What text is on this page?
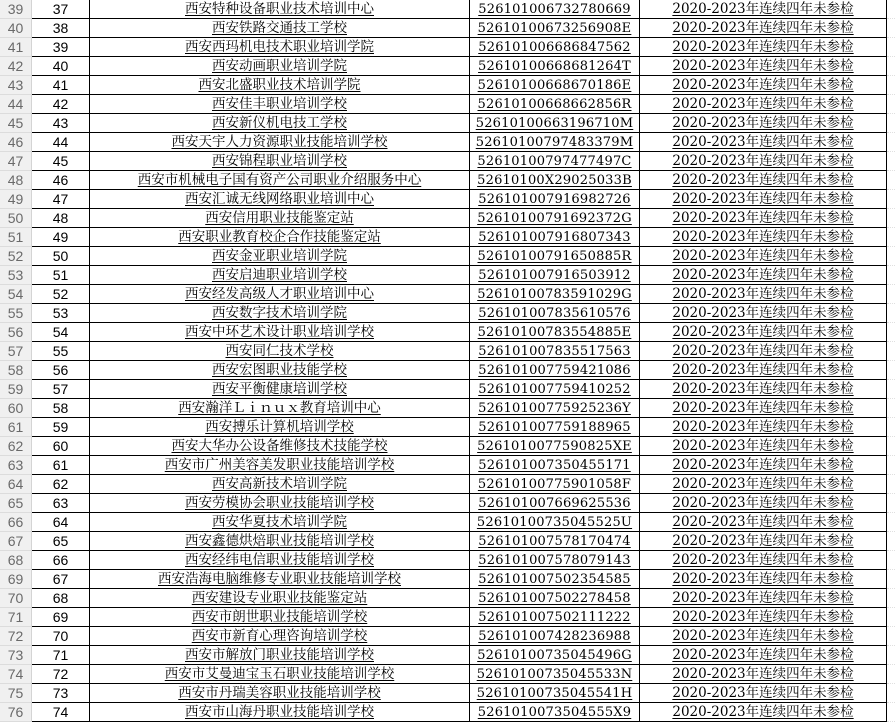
39	37	西安特种设备职业技术培训中心	526101006732780669	2020-2023年连续四年未参检
40	38	西安铁路交通技工学校	52610100673256908E	2020-2023年连续四年未参检
41	39	西安西玛机电技术职业培训学院	526101006686847562	2020-2023年连续四年未参检
42	40	西安动画职业培训学院	52610100668681264T	2020-2023年连续四年未参检
43	41	西安北盛职业技术培训学院	52610100668670186E	2020-2023年连续四年未参检
44	42	西安佳丰职业培训学校	52610100668662856R	2020-2023年连续四年未参检
45	43	西安新仪机电技工学校	52610100663196710M	2020-2023年连续四年未参检
46	44	西安天宇人力资源职业技能培训学校	52610100797483379M	2020-2023年连续四年未参检
47	45	西安锦程职业培训学校	52610100797477497C	2020-2023年连续四年未参检
48	46	西安市机械电子国有资产公司职业介绍服务中心	52610100X29025033B	2020-2023年连续四年未参检
49	47	西安汇诚无线网络职业培训中心	526101007916982726	2020-2023年连续四年未参检
50	48	西安信用职业技能鉴定站	52610100791692372G	2020-2023年连续四年未参检
51	49	西安职业教育校企合作技能鉴定站	526101007916807343	2020-2023年连续四年未参检
52	50	西安金亚职业培训学院	52610100791650885R	2020-2023年连续四年未参检
53	51	西安启迪职业培训学校	526101007916503912	2020-2023年连续四年未参检
54	52	西安经发高级人才职业培训中心	52610100783591029G	2020-2023年连续四年未参检
55	53	西安数字技术培训学院	526101007835610576	2020-2023年连续四年未参检
56	54	西安中环艺术设计职业培训学校	52610100783554885E	2020-2023年连续四年未参检
57	55	西安同仁技术学校	526101007835517563	2020-2023年连续四年未参检
58	56	西安宏图职业技能学校	526101007759421086	2020-2023年连续四年未参检
59	57	西安平衡健康培训学校	526101007759410252	2020-2023年连续四年未参检
60	58	西安瀚洋Ｌｉｎｕｘ教育培训中心	52610100775925236Y	2020-2023年连续四年未参检
61	59	西安搏乐计算机培训学校	526101007759188965	2020-2023年连续四年未参检
62	60	西安大华办公设备维修技术技能学校	5261010077590825XE	2020-2023年连续四年未参检
63	61	西安市广州美容美发职业技能培训学校	526101007350455171	2020-2023年连续四年未参检
64	62	西安高新技术培训学院	52610100775901058F	2020-2023年连续四年未参检
65	63	西安劳模协会职业技能培训学校	526101007669625536	2020-2023年连续四年未参检
66	64	西安华夏技术培训学院	52610100735045525U	2020-2023年连续四年未参检
67	65	西安鑫德烘焙职业技能培训学校	526101007578170474	2020-2023年连续四年未参检
68	66	西安经纬电信职业技能培训学校	526101007578079143	2020-2023年连续四年未参检
69	67	西安浩海电脑维修专业职业技能培训学校	526101007502354585	2020-2023年连续四年未参检
70	68	西安建设专业职业技能鉴定站	526101007502278458	2020-2023年连续四年未参检
71	69	西安市朗世职业技能培训学校	526101007502111222	2020-2023年连续四年未参检
72	70	西安市新育心理咨询培训学校	526101007428236988	2020-2023年连续四年未参检
73	71	西安市解放门职业技能培训学校	52610100735045496G	2020-2023年连续四年未参检
74	72	西安市艾曼迪宝玉石职业技能培训学校	52610100735045533N	2020-2023年连续四年未参检
75	73	西安市丹瑞美容职业技能培训学校	52610100735045541H	2020-2023年连续四年未参检
76	74	西安市山海丹职业技能培训学校	5261010073504555X9	2020-2023年连续四年未参检
